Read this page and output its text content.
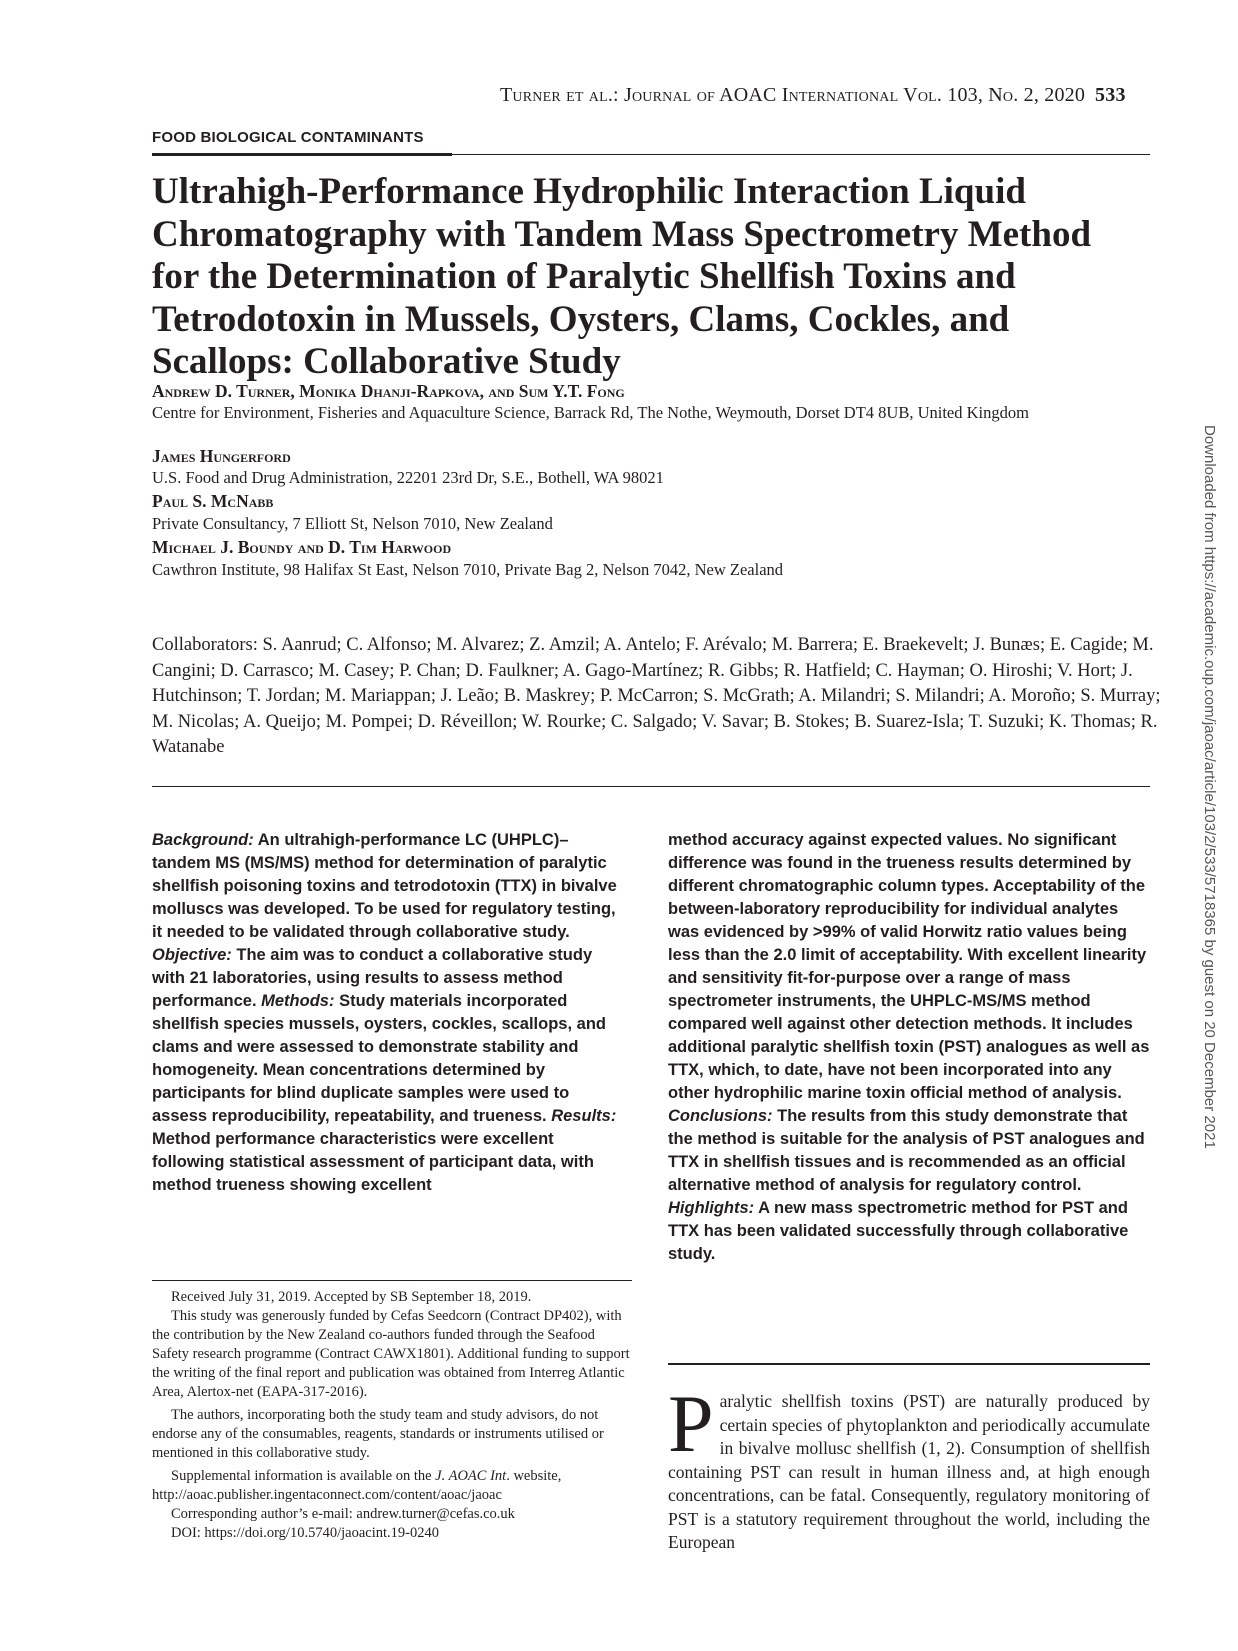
Turner et al.: Journal of AOAC International Vol. 103, No. 2, 2020 533
FOOD BIOLOGICAL CONTAMINANTS
Ultrahigh-Performance Hydrophilic Interaction Liquid Chromatography with Tandem Mass Spectrometry Method for the Determination of Paralytic Shellfish Toxins and Tetrodotoxin in Mussels, Oysters, Clams, Cockles, and Scallops: Collaborative Study
Andrew D. Turner, Monika Dhanji-Rapkova, and Sum Y.T. Fong
Centre for Environment, Fisheries and Aquaculture Science, Barrack Rd, The Nothe, Weymouth, Dorset DT4 8UB, United Kingdom
James Hungerford
U.S. Food and Drug Administration, 22201 23rd Dr, S.E., Bothell, WA 98021
Paul S. McNabb
Private Consultancy, 7 Elliott St, Nelson 7010, New Zealand
Michael J. Boundy and D. Tim Harwood
Cawthron Institute, 98 Halifax St East, Nelson 7010, Private Bag 2, Nelson 7042, New Zealand
Collaborators: S. Aanrud; C. Alfonso; M. Alvarez; Z. Amzil; A. Antelo; F. Arévalo; M. Barrera; E. Braekevelt; J. Bunæs; E. Cagide; M. Cangini; D. Carrasco; M. Casey; P. Chan; D. Faulkner; A. Gago-Martínez; R. Gibbs; R. Hatfield; C. Hayman; O. Hiroshi; V. Hort; J. Hutchinson; T. Jordan; M. Mariappan; J. Leão; B. Maskrey; P. McCarron; S. McGrath; A. Milandri; S. Milandri; A. Moroño; S. Murray; M. Nicolas; A. Queijo; M. Pompei; D. Réveillon; W. Rourke; C. Salgado; V. Savar; B. Stokes; B. Suarez-Isla; T. Suzuki; K. Thomas; R. Watanabe
Background: An ultrahigh-performance LC (UHPLC)–tandem MS (MS/MS) method for determination of paralytic shellfish poisoning toxins and tetrodotoxin (TTX) in bivalve molluscs was developed. To be used for regulatory testing, it needed to be validated through collaborative study. Objective: The aim was to conduct a collaborative study with 21 laboratories, using results to assess method performance. Methods: Study materials incorporated shellfish species mussels, oysters, cockles, scallops, and clams and were assessed to demonstrate stability and homogeneity. Mean concentrations determined by participants for blind duplicate samples were used to assess reproducibility, repeatability, and trueness. Results: Method performance characteristics were excellent following statistical assessment of participant data, with method trueness showing excellent
method accuracy against expected values. No significant difference was found in the trueness results determined by different chromatographic column types. Acceptability of the between-laboratory reproducibility for individual analytes was evidenced by >99% of valid Horwitz ratio values being less than the 2.0 limit of acceptability. With excellent linearity and sensitivity fit-for-purpose over a range of mass spectrometer instruments, the UHPLC-MS/MS method compared well against other detection methods. It includes additional paralytic shellfish toxin (PST) analogues as well as TTX, which, to date, have not been incorporated into any other hydrophilic marine toxin official method of analysis. Conclusions: The results from this study demonstrate that the method is suitable for the analysis of PST analogues and TTX in shellfish tissues and is recommended as an official alternative method of analysis for regulatory control. Highlights: A new mass spectrometric method for PST and TTX has been validated successfully through collaborative study.

Received July 31, 2019. Accepted by SB September 18, 2019.

This study was generously funded by Cefas Seedcorn (Contract DP402), with the contribution by the New Zealand co-authors funded through the Seafood Safety research programme (Contract CAWX1801). Additional funding to support the writing of the final report and publication was obtained from Interreg Atlantic Area, Alertox-net (EAPA-317-2016).

The authors, incorporating both the study team and study advisors, do not endorse any of the consumables, reagents, standards or instruments utilised or mentioned in this collaborative study.

Supplemental information is available on the J. AOAC Int. website, http://aoac.publisher.ingentaconnect.com/content/aoac/jaoac

Corresponding author’s e-mail: andrew.turner@cefas.co.uk

DOI: https://doi.org/10.5740/jaoacint.19-0240

Paralytic shellfish toxins (PST) are naturally produced by certain species of phytoplankton and periodically accumulate in bivalve mollusc shellfish (1, 2). Consumption of shellfish containing PST can result in human illness and, at high enough concentrations, can be fatal. Consequently, regulatory monitoring of PST is a statutory requirement throughout the world, including the European
Downloaded from https://academic.oup.com/jaoac/article/103/2/533/5718365 by guest on 20 December 2021
